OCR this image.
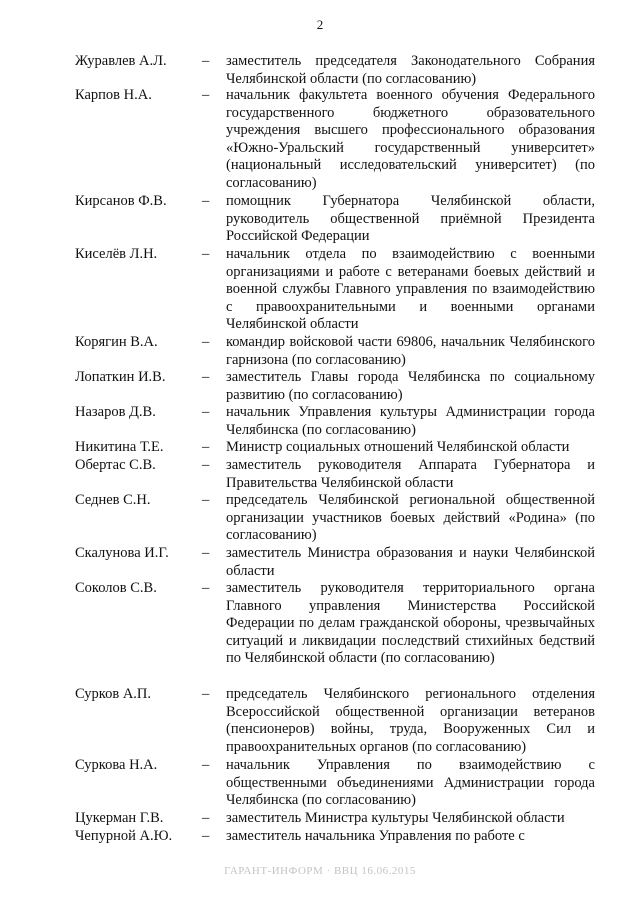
2
Журавлев А.Л.	–	заместитель председателя Законодательного Собрания Челябинской области (по согласованию)
Карпов Н.А.	–	начальник факультета военного обучения Федерального государственного бюджетного образовательного учреждения высшего профессионального образования «Южно-Уральский государственный университет» (национальный исследовательский университет) (по согласованию)
Кирсанов Ф.В.	–	помощник Губернатора Челябинской области, руководитель общественной приёмной Президента Российской Федерации
Киселёв Л.Н.	–	начальник отдела по взаимодействию с военными организациями и работе с ветеранами боевых действий и военной службы Главного управления по взаимодействию с правоохранительными и военными органами Челябинской области
Корягин В.А.	–	командир войсковой части 69806, начальник Челябинского гарнизона (по согласованию)
Лопаткин И.В.	–	заместитель Главы города Челябинска по социальному развитию (по согласованию)
Назаров Д.В.	–	начальник Управления культуры Администрации города Челябинска (по согласованию)
Никитина Т.Е.	–	Министр социальных отношений Челябинской области
Обертас С.В.	–	заместитель руководителя Аппарата Губернатора и Правительства Челябинской области
Седнев С.Н.	–	председатель Челябинской региональной общественной организации участников боевых действий «Родина» (по согласованию)
Скалунова И.Г.	–	заместитель Министра образования и науки Челябинской области
Соколов С.В.	–	заместитель руководителя территориального органа Главного управления Министерства Российской Федерации по делам гражданской обороны, чрезвычайных ситуаций и ликвидации последствий стихийных бедствий по Челябинской области (по согласованию)
Сурков А.П.	–	председатель Челябинского регионального отделения Всероссийской общественной организации ветеранов (пенсионеров) войны, труда, Вооруженных Сил и правоохранительных органов (по согласованию)
Суркова Н.А.	–	начальник Управления по взаимодействию с общественными объединениями Администрации города Челябинска (по согласованию)
Цукерман Г.В.	–	заместитель Министра культуры Челябинской области
Чепурной А.Ю.	–	заместитель начальника Управления по работе с
ГАРАНТ-ИНФОРМ · ВВЦ 16.06.2015
